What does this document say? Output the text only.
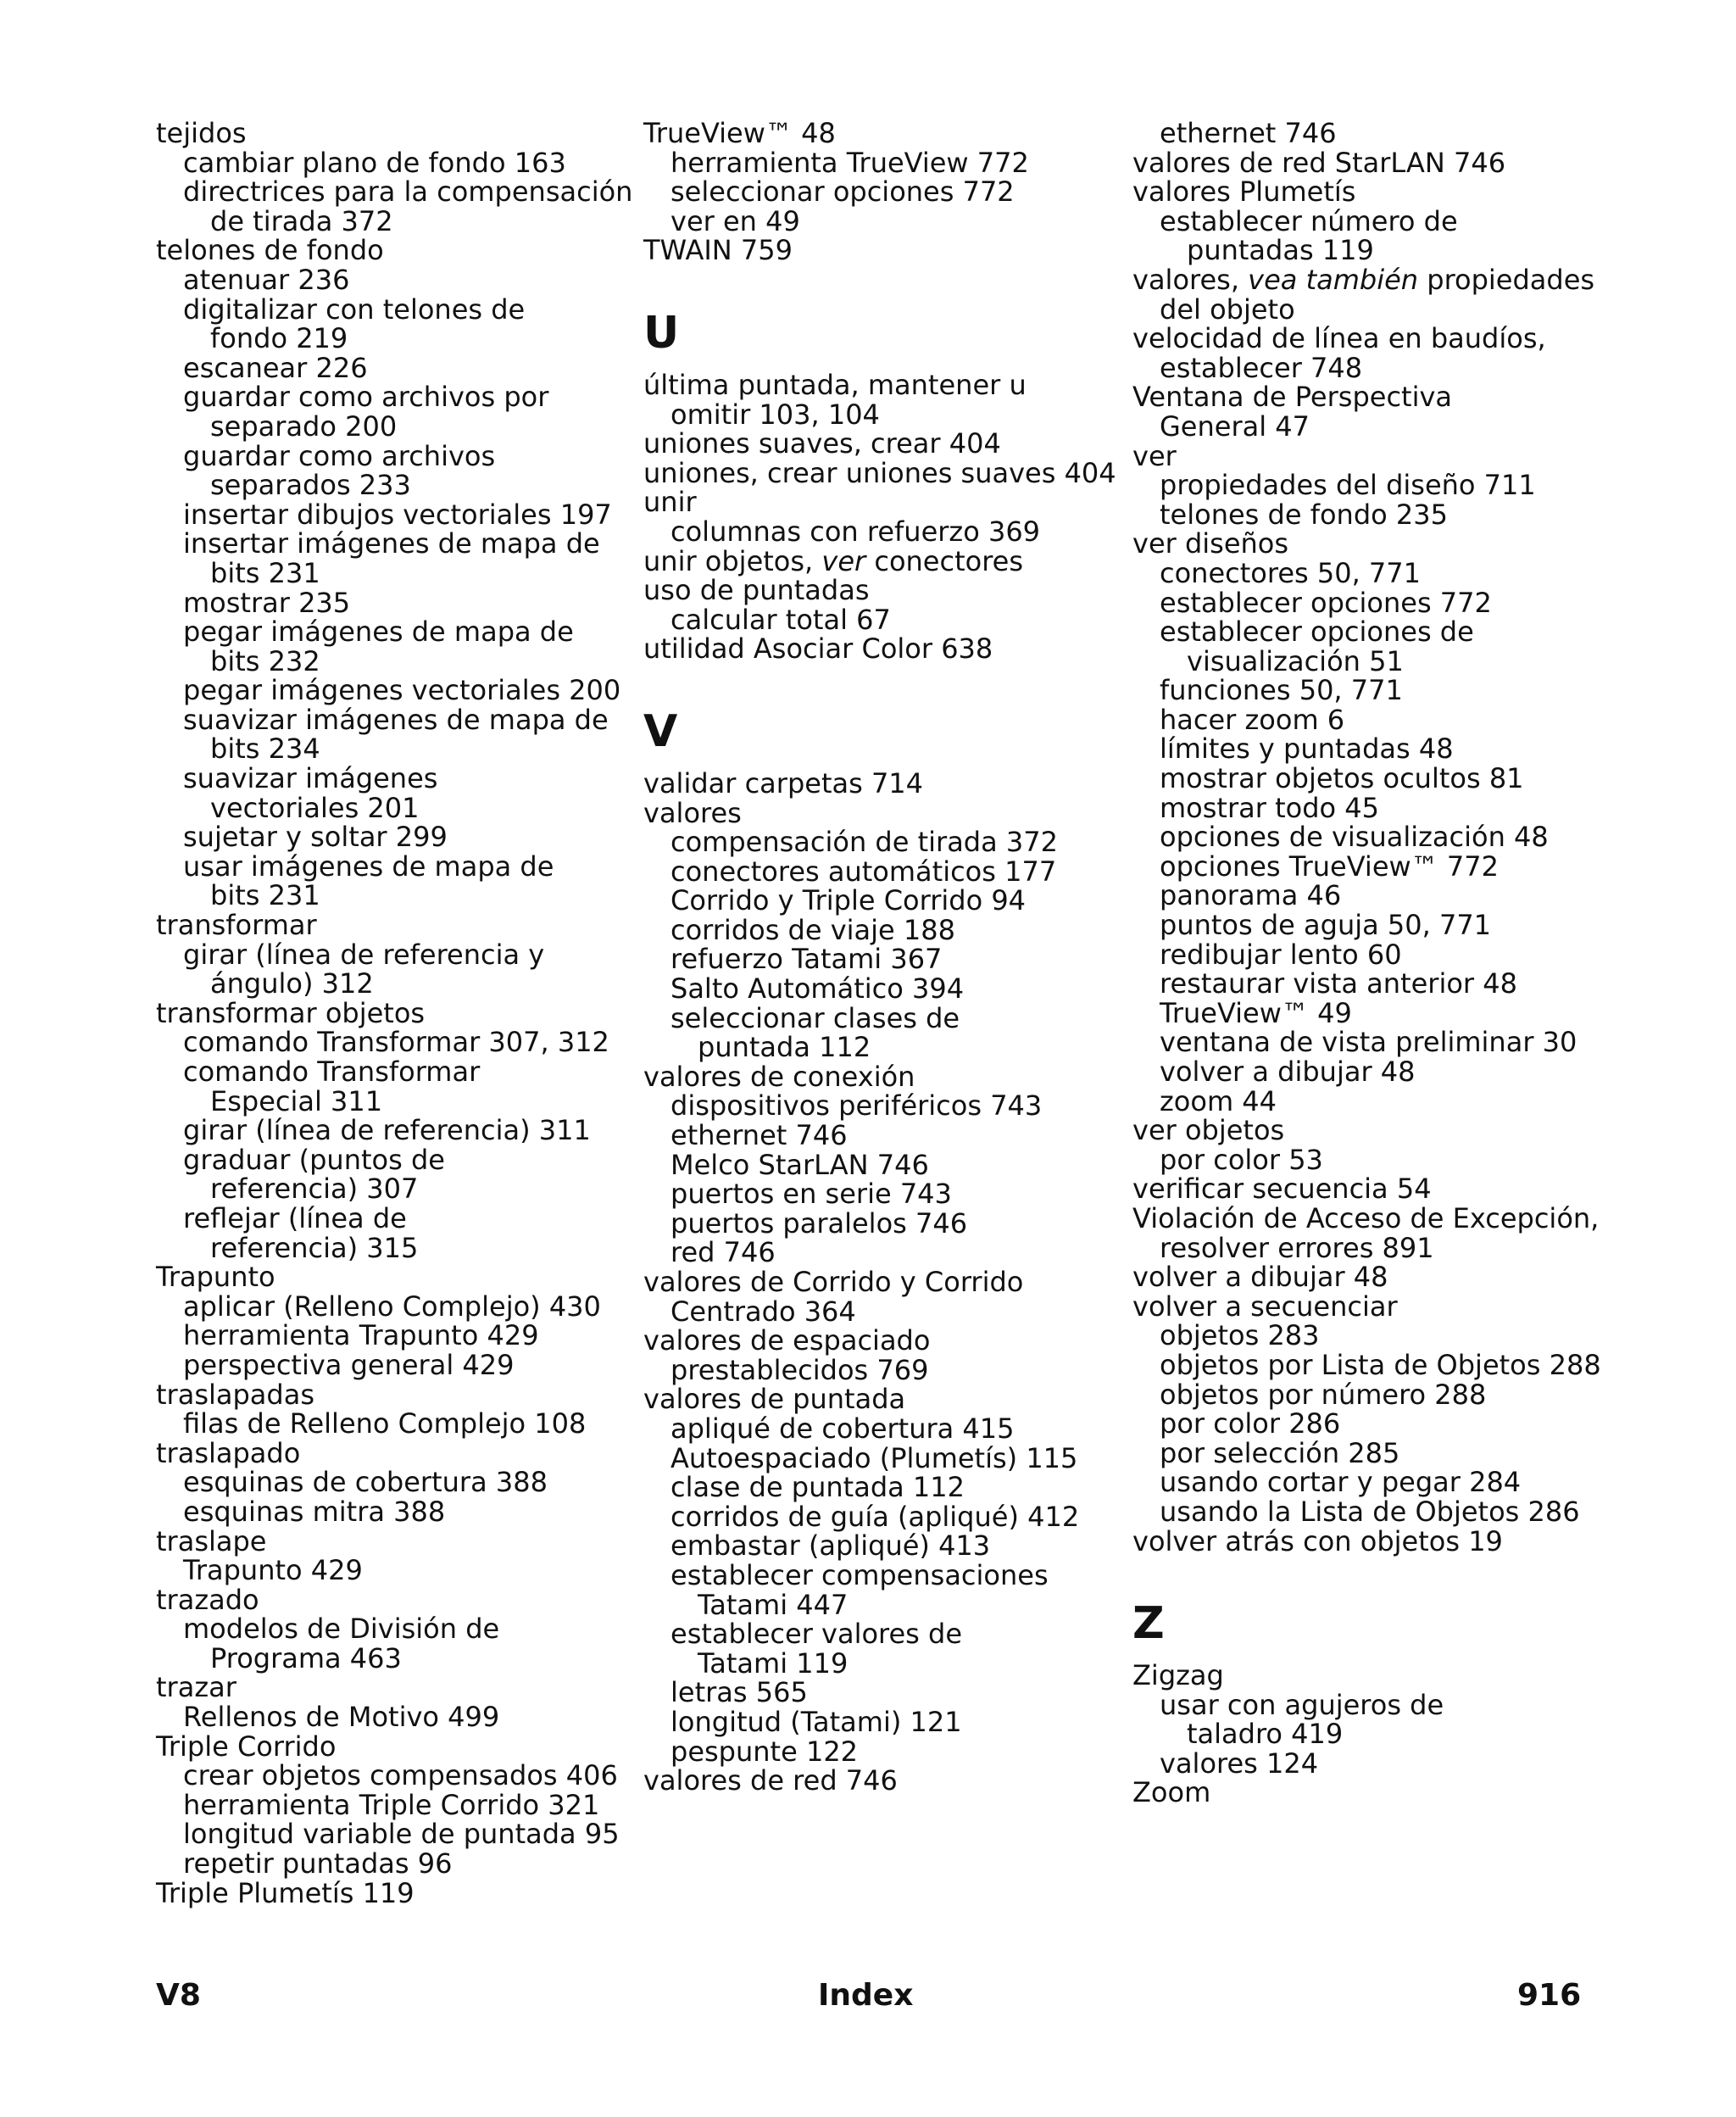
tejidos
cambiar plano de fondo 163
directrices para la compensación
de tirada 372
telones de fondo
atenuar 236
digitalizar con telones de
fondo 219
escanear 226
guardar como archivos por
separado 200
guardar como archivos
separados 233
insertar dibujos vectoriales 197
insertar imágenes de mapa de
bits 231
mostrar 235
pegar imágenes de mapa de
bits 232
pegar imágenes vectoriales 200
suavizar imágenes de mapa de
bits 234
suavizar imágenes
vectoriales 201
sujetar y soltar 299
usar imágenes de mapa de
bits 231
transformar
girar (línea de referencia y
ángulo) 312
transformar objetos
comando Transformar 307, 312
comando Transformar
Especial 311
girar (línea de referencia) 311
graduar (puntos de
referencia) 307
reflejar (línea de
referencia) 315
Trapunto
aplicar (Relleno Complejo) 430
herramienta Trapunto 429
perspectiva general 429
traslapadas
filas de Relleno Complejo 108
traslapado
esquinas de cobertura 388
esquinas mitra 388
traslape
Trapunto 429
trazado
modelos de División de
Programa 463
trazar
Rellenos de Motivo 499
Triple Corrido
crear objetos compensados 406
herramienta Triple Corrido 321
longitud variable de puntada 95
repetir puntadas 96
Triple Plumetís 119
TrueView™ 48
herramienta TrueView 772
seleccionar opciones 772
ver en 49
TWAIN 759
U
última puntada, mantener u
omitir 103, 104
uniones suaves, crear 404
uniones, crear uniones suaves 404
unir
columnas con refuerzo 369
unir objetos, ver conectores
uso de puntadas
calcular total 67
utilidad Asociar Color 638
V
validar carpetas 714
valores
compensación de tirada 372
conectores automáticos 177
Corrido y Triple Corrido 94
corridos de viaje 188
refuerzo Tatami 367
Salto Automático 394
seleccionar clases de
puntada 112
valores de conexión
dispositivos periféricos 743
ethernet 746
Melco StarLAN 746
puertos en serie 743
puertos paralelos 746
red 746
valores de Corrido y Corrido
Centrado 364
valores de espaciado
prestablecidos 769
valores de puntada
apliqué de cobertura 415
Autoespaciado (Plumetís) 115
clase de puntada 112
corridos de guía (apliqué) 412
embastar (apliqué) 413
establecer compensaciones
Tatami 447
establecer valores de
Tatami 119
letras 565
longitud (Tatami) 121
pespunte 122
valores de red 746
ethernet 746
valores de red StarLAN 746
valores Plumetís
establecer número de
puntadas 119
valores, vea también propiedades
del objeto
velocidad de línea en baudíos,
establecer 748
Ventana de Perspectiva
General 47
ver
propiedades del diseño 711
telones de fondo 235
ver diseños
conectores 50, 771
establecer opciones 772
establecer opciones de
visualización 51
funciones 50, 771
hacer zoom 6
límites y puntadas 48
mostrar objetos ocultos 81
mostrar todo 45
opciones de visualización 48
opciones TrueView™ 772
panorama 46
puntos de aguja 50, 771
redibujar lento 60
restaurar vista anterior 48
TrueView™ 49
ventana de vista preliminar 30
volver a dibujar 48
zoom 44
ver objetos
por color 53
verificar secuencia 54
Violación de Acceso de Excepción,
resolver errores 891
volver a dibujar 48
volver a secuenciar
objetos 283
objetos por Lista de Objetos 288
objetos por número 288
por color 286
por selección 285
usando cortar y pegar 284
usando la Lista de Objetos 286
volver atrás con objetos 19
Z
Zigzag
usar con agujeros de
taladro 419
valores 124
Zoom
V8	Index	916
